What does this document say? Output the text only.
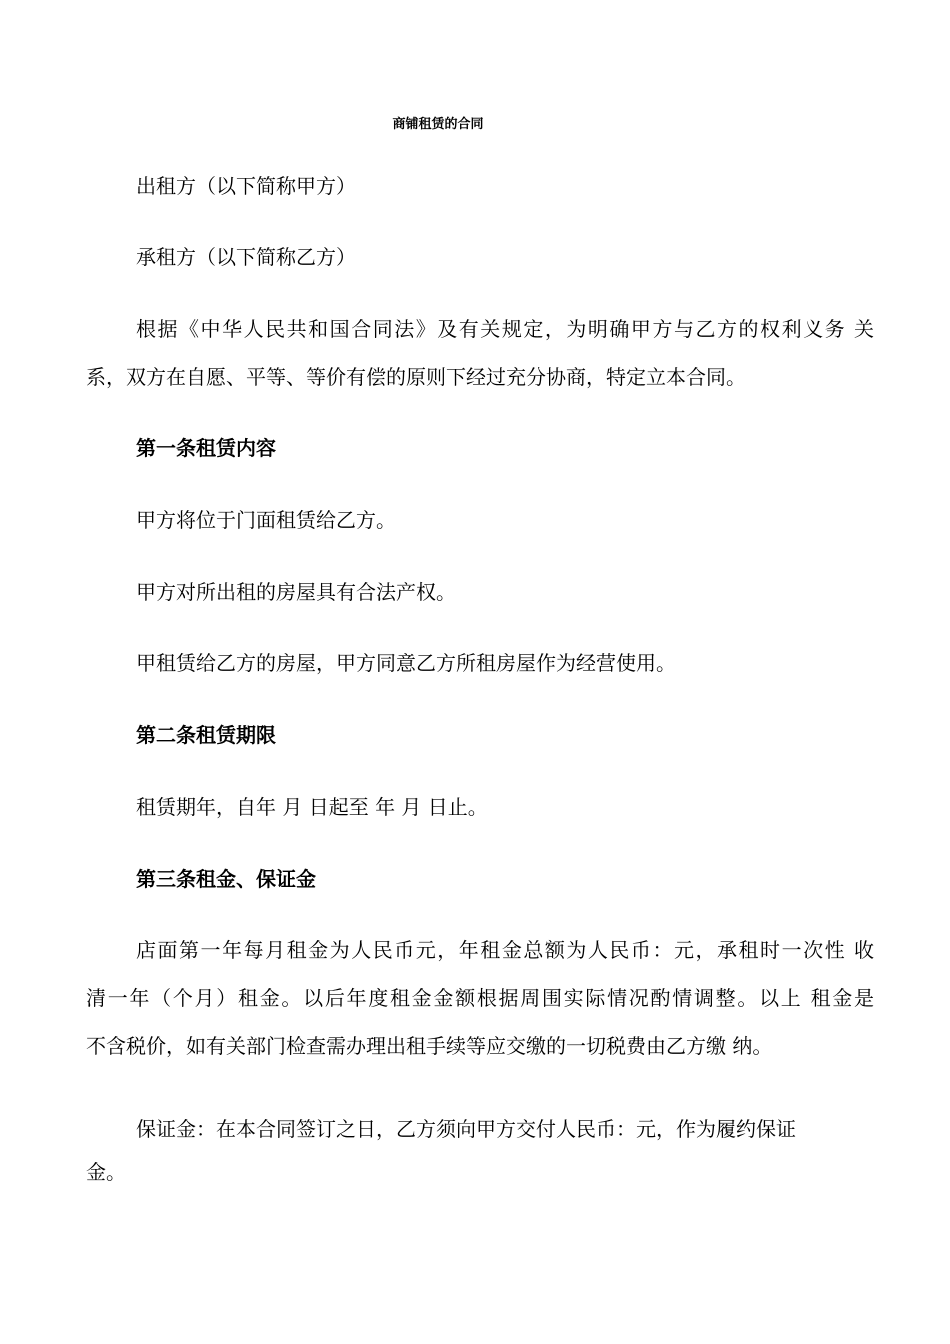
商铺租赁的合同
出租方（以下简称甲方）
承租方（以下简称乙方）
根据《中华人民共和国合同法》及有关规定，为明确甲方与乙方的权利义务 关
系，双方在自愿、平等、等价有偿的原则下经过充分协商，特定立本合同。
第一条租赁内容
甲方将位于门面租赁给乙方。
甲方对所出租的房屋具有合法产权。
甲租赁给乙方的房屋，甲方同意乙方所租房屋作为经营使用。
第二条租赁期限
租赁期年，自年 月 日起至 年 月 日止。
第三条租金、保证金
店面第一年每月租金为人民币元，年租金总额为人民币：元，承租时一次性 收
清一年（个月）租金。以后年度租金金额根据周围实际情况酌情调整。以上 租金是
不含税价，如有关部门检查需办理出租手续等应交缴的一切税费由乙方缴 纳。
保证金：在本合同签订之日，乙方须向甲方交付人民币：元，作为履约保证
金。
